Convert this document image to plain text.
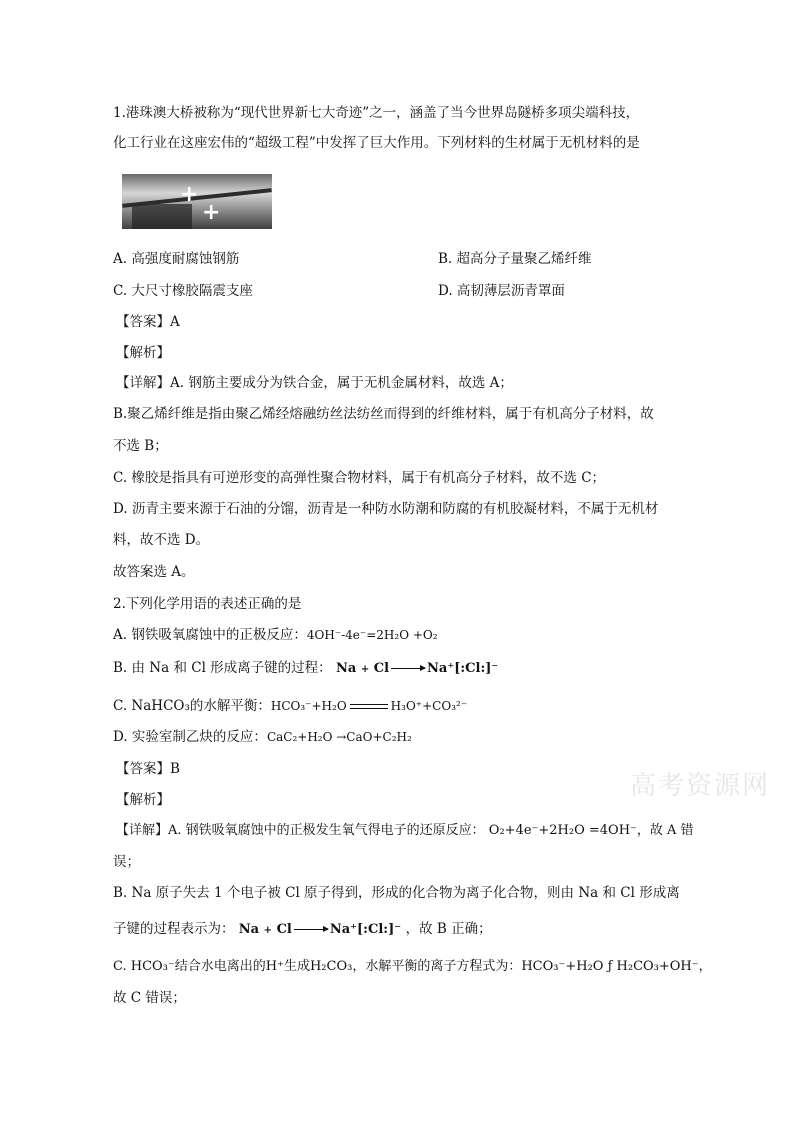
1.港珠澳大桥被称为“现代世界新七大奇迹”之一，涵盖了当今世界岛隧桥多项尖端科技，
化工行业在这座宏伟的“超级工程”中发挥了巨大作用。下列材料的生材属于无机材料的是
+
+
A. 高强度耐腐蚀钢筋	B. 超高分子量聚乙烯纤维
C. 大尺寸橡胶隔震支座	D. 高韧薄层沥青罩面
【答案】A
【解析】
【详解】A. 钢筋主要成分为铁合金，属于无机金属材料，故选 A；
B.聚乙烯纤维是指由聚乙烯经熔融纺丝法纺丝而得到的纤维材料，属于有机高分子材料，故
不选 B；
C. 橡胶是指具有可逆形变的高弹性聚合物材料，属于有机高分子材料，故不选 C；
D. 沥青主要来源于石油的分馏，沥青是一种防水防潮和防腐的有机胶凝材料，不属于无机材
料，故不选 D。
故答案选 A。
2.下列化学用语的表述正确的是
A. 钢铁吸氧腐蚀中的正极反应：4OH⁻-4e⁻=2H₂O +O₂
B. 由 Na 和 Cl 形成离子键的过程： Na + Cl → Na⁺[:Cl:]⁻
C. NaHCO₃的水解平衡：HCO₃⁻+H₂O	H₃O⁺+CO₃²⁻
D. 实验室制乙炔的反应：CaC₂+H₂O →CaO+C₂H₂
【答案】B
高考资源网
【解析】
【详解】A. 钢铁吸氧腐蚀中的正极发生氧气得电子的还原反应： O₂+4e⁻+2H₂O =4OH⁻，故 A 错
误；
B. Na 原子失去 1 个电子被 Cl 原子得到，形成的化合物为离子化合物，则由 Na 和 Cl 形成离
子键的过程表示为： Na + Cl → Na⁺[:Cl:]⁻ ，故 B 正确；
C. HCO₃⁻结合水电离出的H⁺生成H₂CO₃，水解平衡的离子方程式为：HCO₃⁻+H₂O ƒ H₂CO₃+OH⁻，
故 C 错误；
